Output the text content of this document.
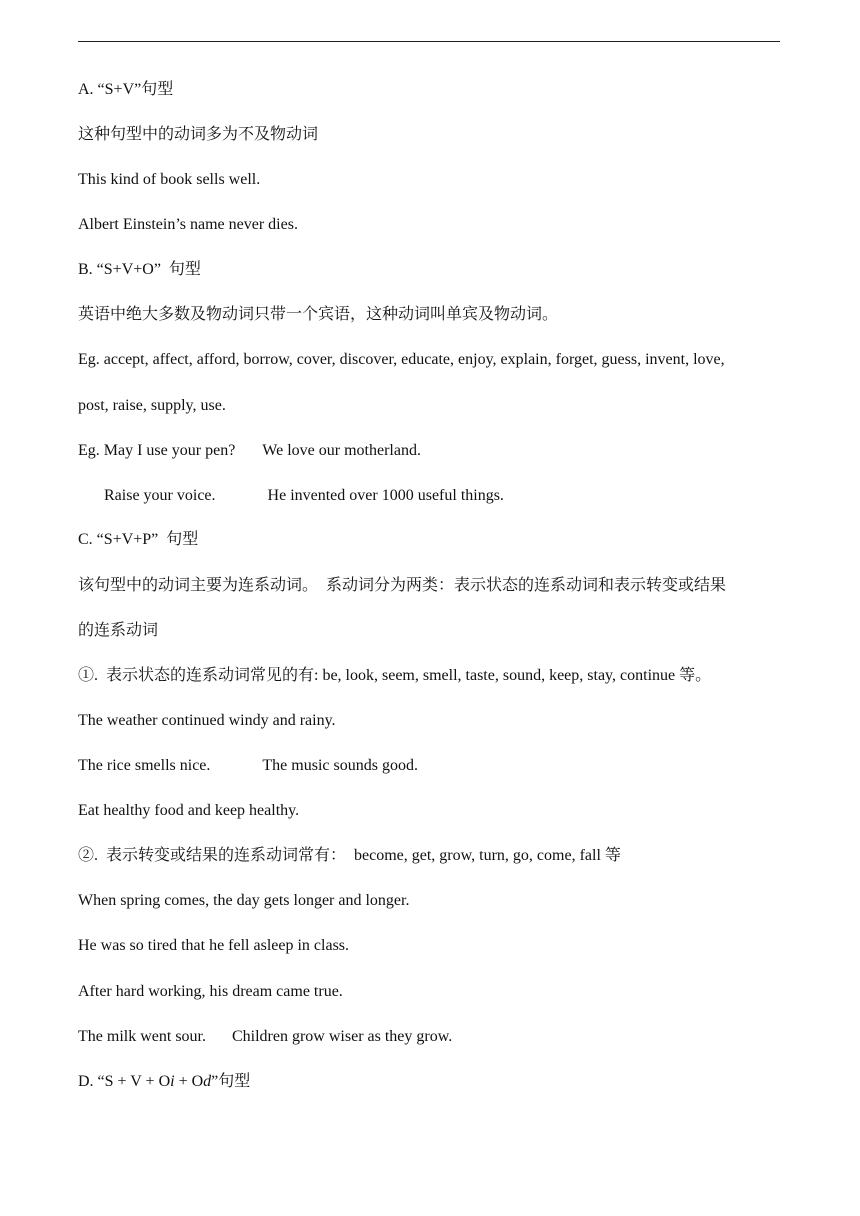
A. “S+V”句型
这种句型中的动词多为不及物动词
This kind of book sells well.
Albert Einstein’s name never dies.
B. “S+V+O”  句型
英语中绝大多数及物动词只带一个宾语，这种动词叫单宾及物动词。
Eg. accept, affect, afford, borrow, cover, discover, educate, enjoy, explain, forget, guess, invent, love,
post, raise, supply, use.
Eg. May I use your pen? We love our motherland.
Raise your voice.	He invented over 1000 useful things.
C. “S+V+P”  句型
该句型中的动词主要为连系动词。  系动词分为两类：表示状态的连系动词和表示转变或结果
的连系动词
①.  表示状态的连系动词常见的有: be, look, seem, smell, taste, sound, keep, stay, continue 等。
The weather continued windy and rainy.
The rice smells nice.	The music sounds good.
Eat healthy food and keep healthy.
②.  表示转变或结果的连系动词常有：  become, get, grow, turn, go, come, fall 等
When spring comes, the day gets longer and longer.
He was so tired that he fell asleep in class.
After hard working, his dream came true.
The milk went sour. Children grow wiser as they grow.
D. “S + V + Oi + Od”句型
